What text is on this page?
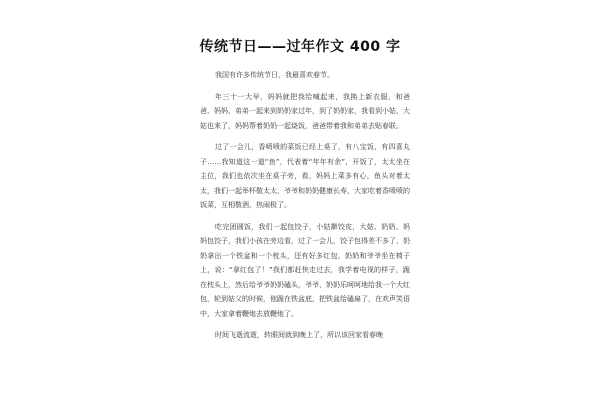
传统节日——过年作文 400 字

我国有许多传统节日，我最喜欢春节。

年三十一大早，妈妈就把我给喊起来，我换上新衣服，和爸爸、妈妈、弟弟一起来到奶奶家过年，到了奶奶家，我看到小姑，大姑也来了，妈妈帮着奶奶一起烧饭，爸爸带着我和弟弟去贴春联。

过了一会儿，香喷喷的菜饭已经上桌了，有八宝饭，有四喜丸子……我知道这一道“鱼”，代表着“年年有余”，开饭了，太太坐在主位，我们也依次坐在桌子旁，看，妈妈上菜多有心，鱼头对着太太，我们一起举杯敬太太、爷爷和奶奶健康长寿，大家吃着香喷喷的饭菜，互相敬酒，热闹极了。

吃完团圆饭，我们一起包饺子，小姑擀饺皮，大姑、奶奶、妈妈包饺子，我们小孩在旁边看，过了一会儿，饺子包得差不多了，奶奶拿出一个铁盆和一个枕头，还有好多红包，奶奶和爷爷坐在椅子上，说：“拿红包了！”我们都赶快走过去，我学着电视的样子，跪在枕头上，然后给爷爷奶奶磕头，爷爷、奶奶乐呵呵地给我一个大红包，轮到姑父的时候，他跪在铁盆底，把铁盆给磕扁了，在欢声笑语中，大家拿着鞭炮去放鞭炮了。

时间飞逝流逝，转眼间就到晚上了，所以该回家看春晚
